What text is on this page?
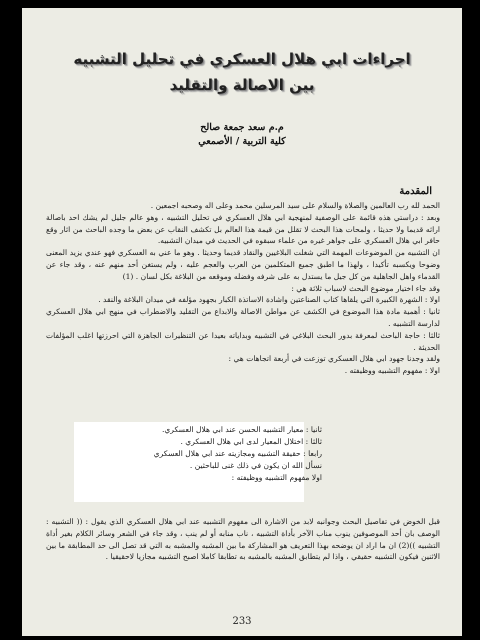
اجراءات ابي هلال العسكري في تحليل التشبيه
بين الاصالة والتقليد
م.م سعد جمعة صالح
كلية التربية / الأصمعي
المقدمة

الحمد لله رب العالمين والصلاة والسلام على سيد المرسلين محمد وعلى اله وصحبه اجمعين .

وبعد : دراستي هذه قائمة على الوصفية لمنهجية ابي هلال العسكري في تحليل التشبيه ، وهو عالم جليل لم يشك احد باصالة اراثه قديما ولا حديثا ، ولمحات هذا البحث لا تقلل من قيمة هذا العالم بل تكشف النقاب عن بعض ما وجده الباحث من اثار وقع حافر ابي هلال العسكري على جواهر غيره من علماء سبقوه في الحديث في ميدان التشبيه.

ان التشبيه من الموضوعات المهمة التي شغلت البلاغيين والنقاد قديما وحديثا . وهو ما عني به العسكري فهو عندي يزيد المعنى وضوحا ويكسبه تأكيدا ، ولهذا ما اطبق جميع المتكلمين من العرب والعجم عليه ، ولم يستغن أحد منهم عنه ، وقد جاء عن القدماء واهل الجاهلية من كل جيل ما يستدل به على شرفه وفضله وموقعه من البلاغة بكل لسان . (1)

وقد جاء اختيار موضوع البحث لاسباب ثلاثة هي :

اولا : الشهرة الكبيرة التي يلقاها كتاب الصناعتين واشادة الاساتذة الكبار بجهود مؤلفه في ميدان البلاغة والنقد .

ثانيا : أهمية مادة هذا الموضوع في الكشف عن مواطن الاصالة والابداع من التقليد والاضطراب في منهج ابي هلال العسكري لدارسة التشبيه .

ثالثا : حاجة الباحث لمعرفة بدور البحث البلاغي في التشبيه وبداياته بعيدا عن التنظيرات الجاهزة التي احرزتها اغلب المؤلفات الحديثة .

ولقد وجدنا جهود ابي هلال العسكري توزعت في أربعة اتجاهات هي :

اولا : مفهوم التشبيه ووظيفته .

ثانيا : معيار التشبيه الحسن عند ابي هلال العسكري.

ثالثا : اختلال المعيار لدى ابي هلال العسكري .

رابعا : حقيقة التشبيه ومجازيته عند ابي هلال العسكري

نسأل الله ان يكون في ذلك غنى للباحثين .

اولا مفهوم التشبيه ووظيفته :

قبل الخوض في تفاصيل البحث وجوانبه لابد من الاشارة الى مفهوم التشبيه عند ابي هلال العسكري الذي يقول : (( التشبيه : الوصف بان أحد الموصوفين ينوب مناب الآخر بأداة التشبيه ، ناب منابه أو لم ينب ، وقد جاء في الشعر وسائر الكلام بغير أداة التشبيه ))(2) ان ما اراد ان يوضحه بهذا التعريف هو المشاركة ما بين المشبه والمشبه به التي قد تصل الى حد المطابقة ما بين الاثنين فيكون التشبيه حقيقي ، واذا لم يتطابق المشبه بالمشبه به تطابقا كاملا اصبح التشبيه مجازيا لاحقيقيا .

233
